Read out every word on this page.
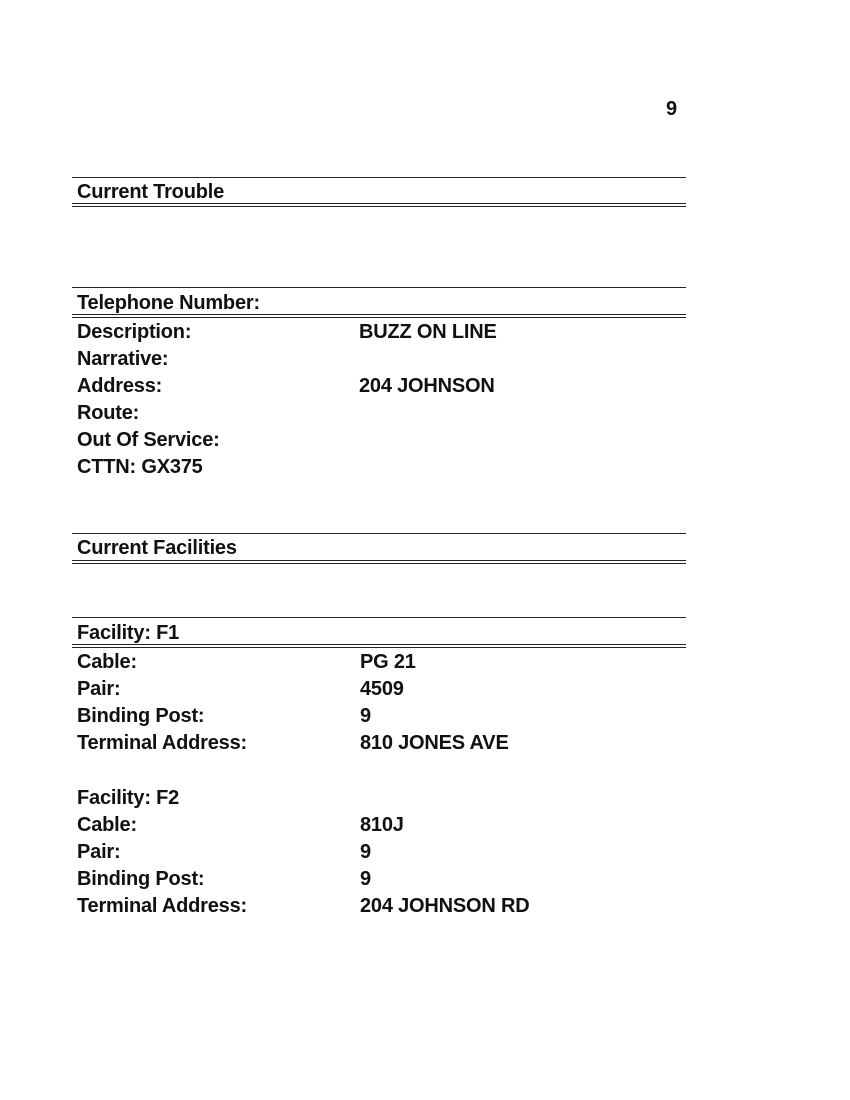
9
Current Trouble
Telephone Number:
Description:	BUZZ ON LINE
Narrative:
Address:	204 JOHNSON
Route:
Out Of Service:
CTTN: GX375
Current Facilities
Facility: F1
Cable:	PG 21
Pair:	4509
Binding Post:	9
Terminal Address:	810 JONES AVE
Facility: F2
Cable:	810J
Pair:	9
Binding Post:	9
Terminal Address:	204 JOHNSON RD
